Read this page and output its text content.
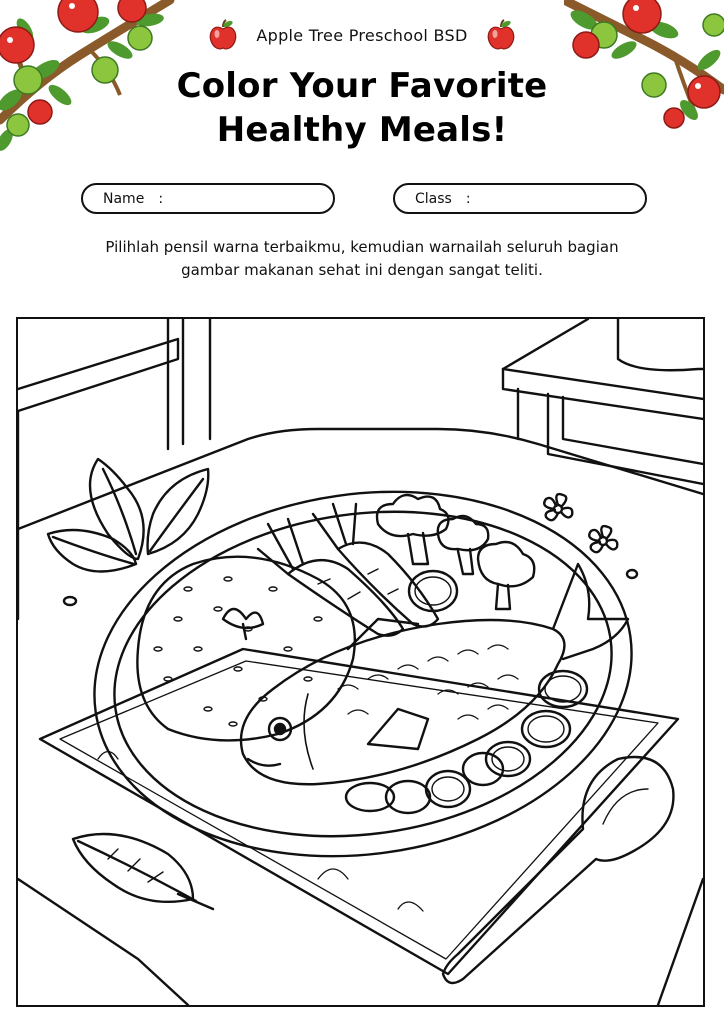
Apple Tree Preschool BSD
Color Your Favorite
Healthy Meals!
Name :	Class :

Pilihlah pensil warna terbaikmu, kemudian warnailah seluruh bagian
gambar makanan sehat ini dengan sangat teliti.
